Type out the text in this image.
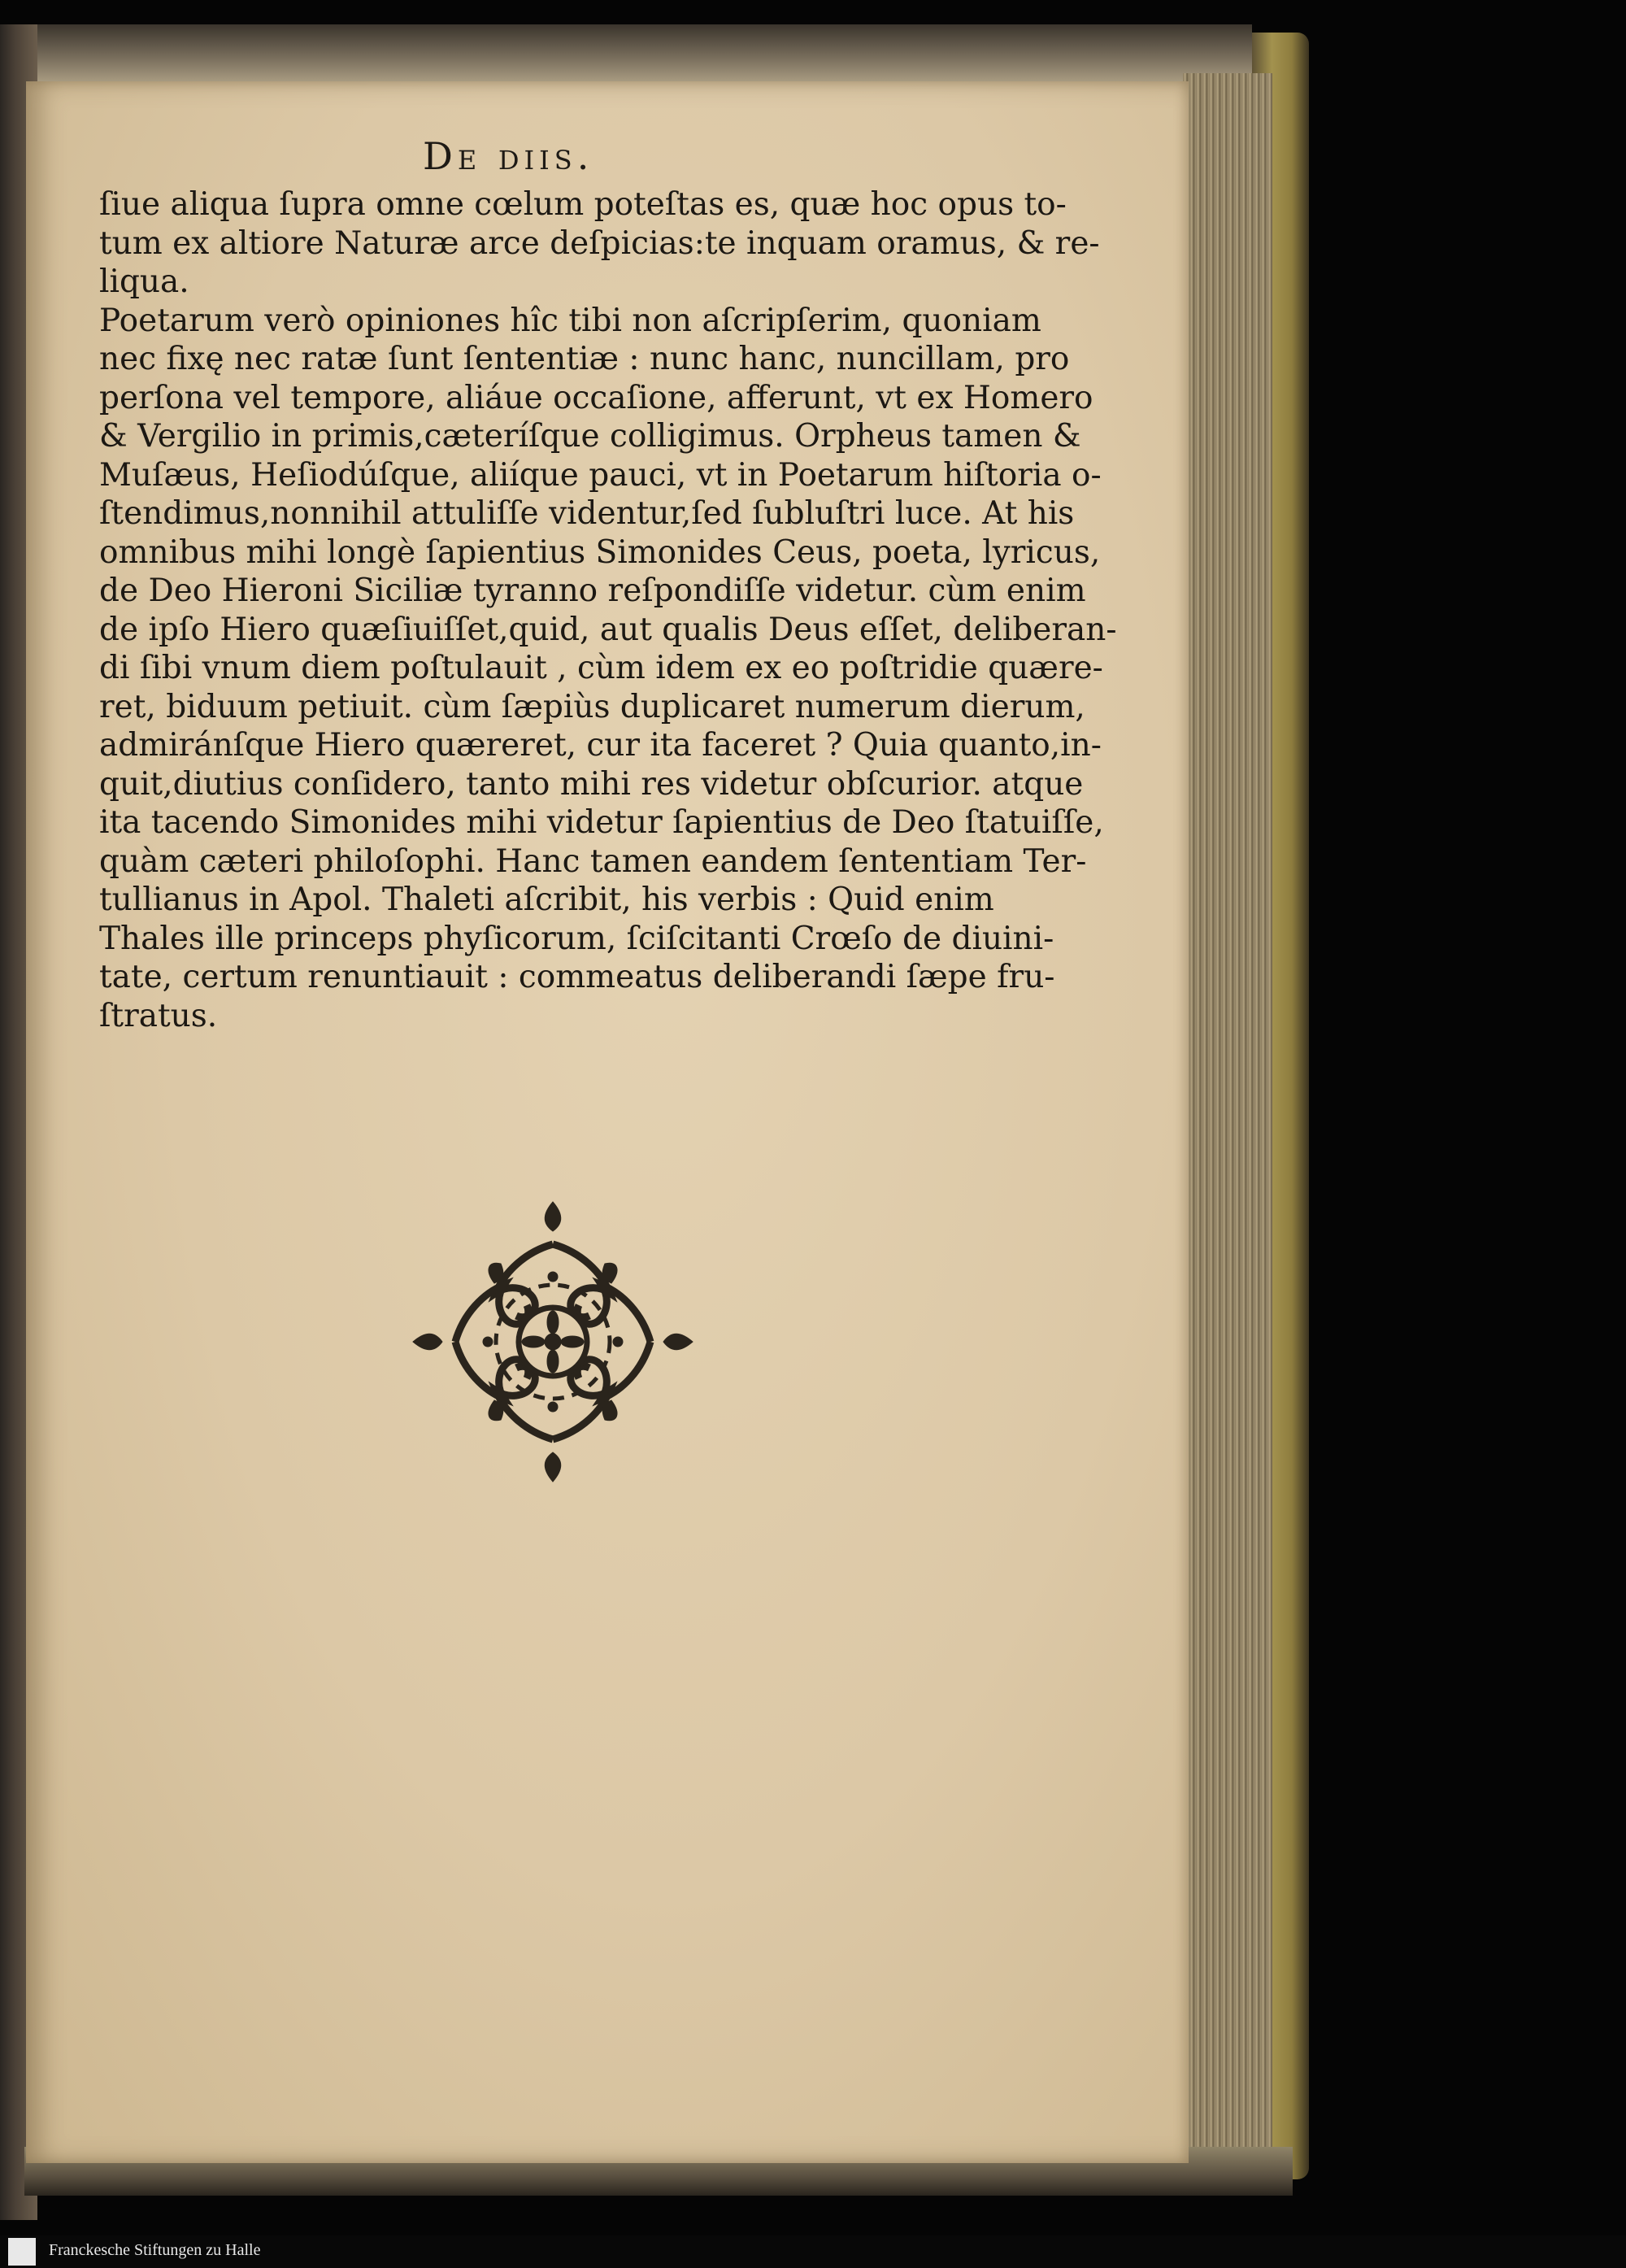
De diis.
ſiue aliqua ſupra omne cœlum poteſtas es, quæ hoc opus to-
tum ex altiore Naturæ arce deſpicias:te inquam oramus, & re-
liqua.
Poetarum verò opiniones hîc tibi non aſcripſerim, quoniam
nec fixę nec ratæ ſunt ſententiæ : nunc hanc, nuncillam, pro
perſona vel tempore, aliáue occaſione, afferunt, vt ex Homero
& Vergilio in primis,cæteríſque colligimus. Orpheus tamen &
Muſæus, Heſiodúſque, aliíque pauci, vt in Poetarum hiſtoria o-
ſtendimus,nonnihil attuliſſe videntur,ſed ſubluſtri luce. At his
omnibus mihi longè ſapientius Simonides Ceus, poeta, lyricus,
de Deo Hieroni Siciliæ tyranno reſpondiſſe videtur. cùm enim
de ipſo Hiero quæſiuiſſet,quid, aut qualis Deus eſſet, deliberan-
di ſibi vnum diem poſtulauit , cùm idem ex eo poſtridie quære-
ret, biduum petiuit. cùm ſæpiùs duplicaret numerum dierum,
admiránſque Hiero quæreret, cur ita faceret ? Quia quanto,in-
quit,diutius conſidero, tanto mihi res videtur obſcurior. atque
ita tacendo Simonides mihi videtur ſapientius de Deo ſtatuiſſe,
quàm cæteri philoſophi. Hanc tamen eandem ſententiam Ter-
tullianus in Apol. Thaleti aſcribit, his verbis : Quid enim
Thales ille princeps phyſicorum, ſciſcitanti Crœſo de diuini-
tate, certum renuntiauit : commeatus deliberandi ſæpe fru-
ſtratus.
Franckesche Stiftungen zu Halle
